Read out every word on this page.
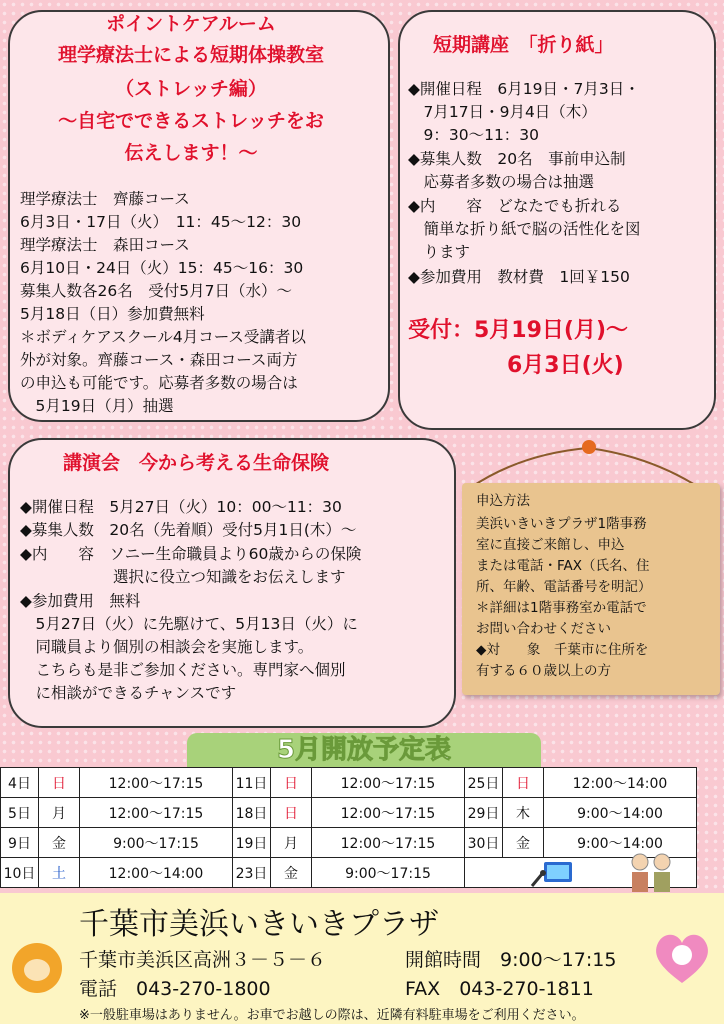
ポイントケアルーム
理学療法士による短期体操教室
（ストレッチ編）
～自宅でできるストレッチをお
伝えします！～
理学療法士　齊藤コース
6月3日・17日（火）　11：45～12：30
理学療法士　森田コース
6月10日・24日（火）15：45～16：30
募集人数各26名　受付5月7日（水）～
5月18日（日）参加費無料
＊ボディケアスクール4月コース受講者以
外が対象。齊藤コース・森田コース両方
の申込も可能です。応募者多数の場合は
　5月19日（月）抽選
短期講座　「折り紙」
◆開催日程　6月19日・7月3日・
　7月17日・9月4日（木）
　9：30～11：30
◆募集人数　20名　事前申込制
　応募者多数の場合は抽選
◆内　　容　どなたでも折れる
　簡単な折り紙で脳の活性化を図
　ります
◆参加費用　教材費　1回￥150
受付：5月19日(月)～
6月3日(火)
講演会　今から考える生命保険
◆開催日程　5月27日（火）10：00～11：30
◆募集人数　20名（先着順）受付5月1日(木）～
◆内　　容　ソニー生命職員より60歳からの保険
　　　　　　選択に役立つ知識をお伝えします
◆参加費用　無料
　5月27日（火）に先駆けて、5月13日（火）に
　同職員より個別の相談会を実施します。
　こちらも是非ご参加ください。専門家へ個別
　に相談ができるチャンスです
申込方法
美浜いきいきプラザ1階事務
室に直接ご来館し、申込
または電話・FAX（氏名、住
所、年齢、電話番号を明記）
＊詳細は1階事務室か電話で
お問い合わせください
◆対　　象　千葉市に住所を
有する６０歳以上の方
5月開放予定表
4日	日	12:00～17:15	11日	日	12:00～17:15	25日	日	12:00～14:00
5日	月	12:00～17:15	18日	日	12:00～17:15	29日	木	9:00～14:00
9日	金	9:00～17:15	19日	月	12:00～17:15	30日	金	9:00～14:00
10日	土	12:00～14:00	23日	金	9:00～17:15			
千葉市美浜いきいきプラザ
千葉市美浜区高洲３－５－６	開館時間　9:00～17:15
電話　043-270-1800	FAX　043-270-1811
※一般駐車場はありません。お車でお越しの際は、近隣有料駐車場をご利用ください。
